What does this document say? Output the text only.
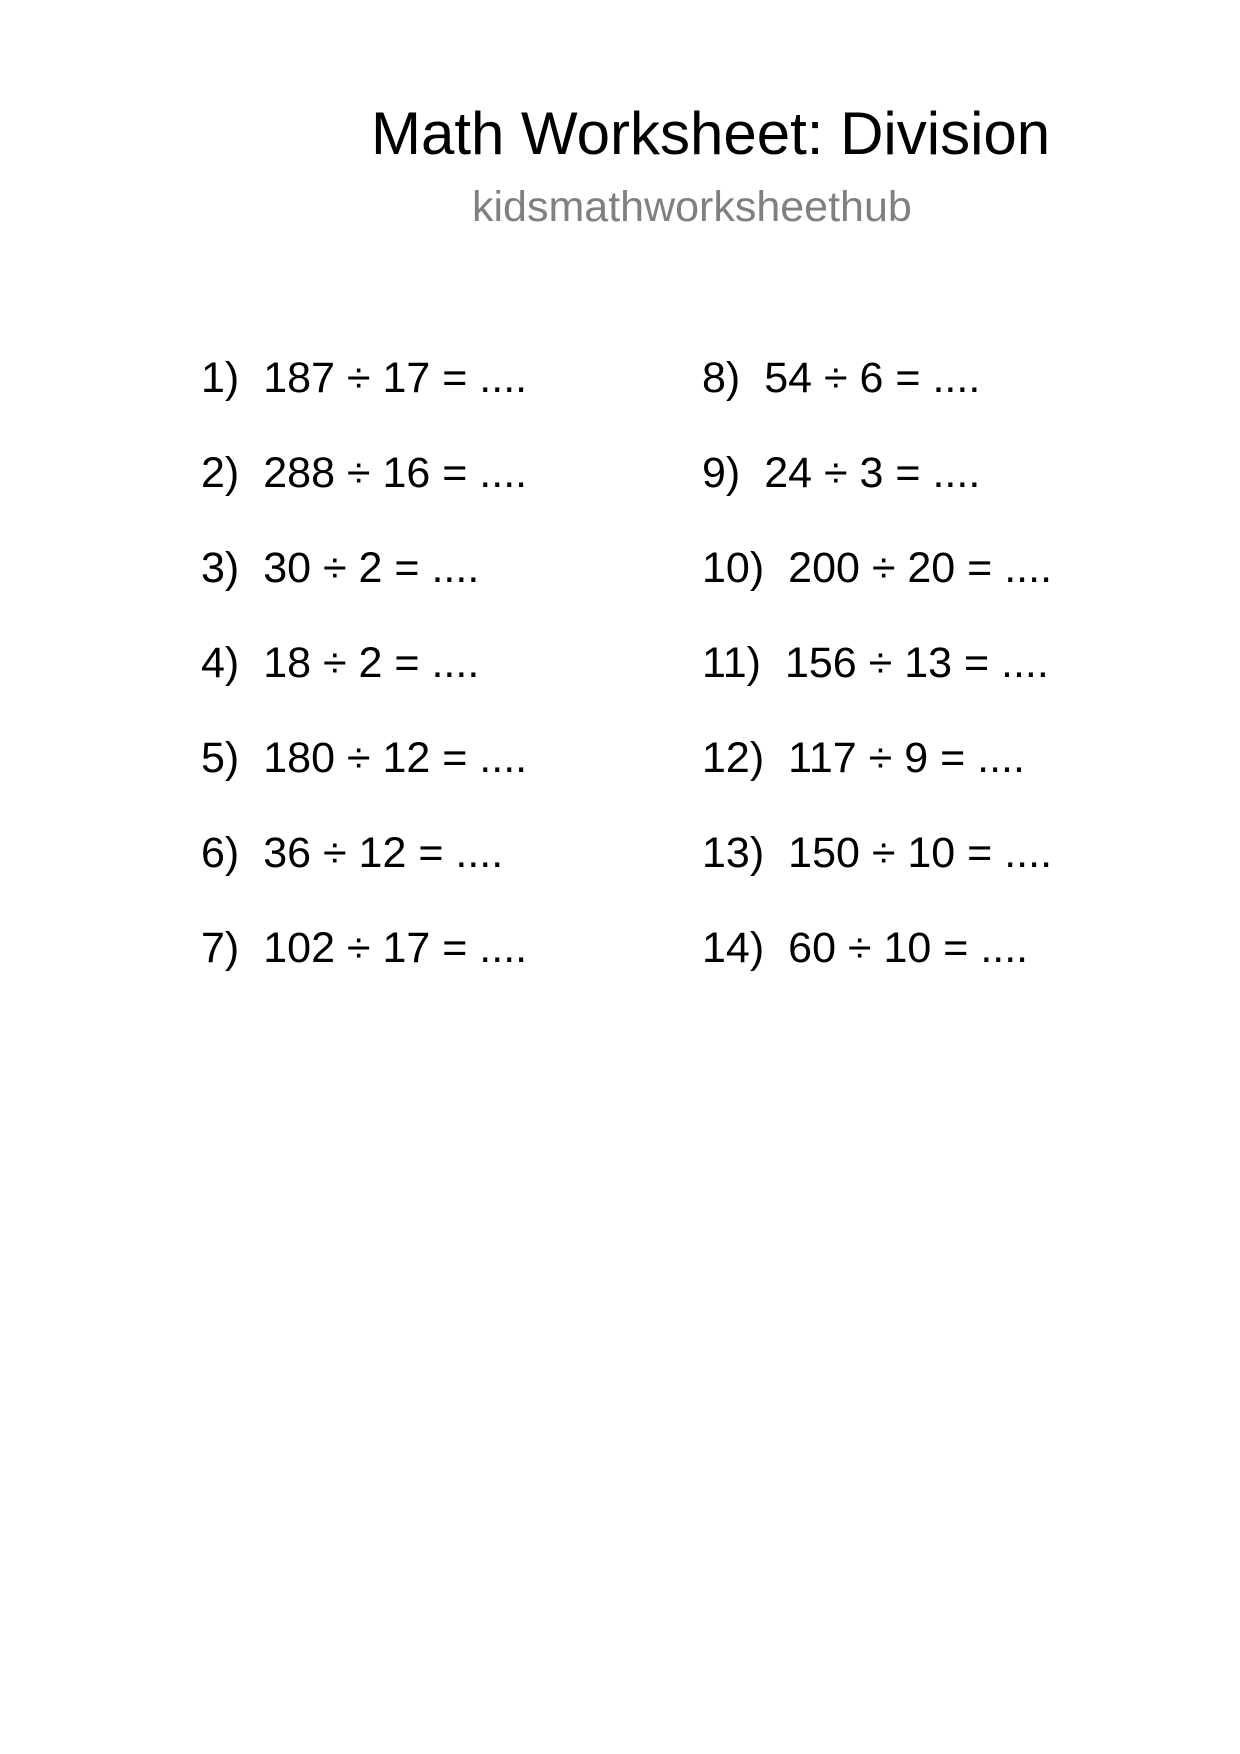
Math Worksheet: Division
kidsmathworksheethub
1) 187 ÷ 17 = ....
2) 288 ÷ 16 = ....
3) 30 ÷ 2 = ....
4) 18 ÷ 2 = ....
5) 180 ÷ 12 = ....
6) 36 ÷ 12 = ....
7) 102 ÷ 17 = ....
8) 54 ÷ 6 = ....
9) 24 ÷ 3 = ....
10) 200 ÷ 20 = ....
11) 156 ÷ 13 = ....
12) 117 ÷ 9 = ....
13) 150 ÷ 10 = ....
14) 60 ÷ 10 = ....
